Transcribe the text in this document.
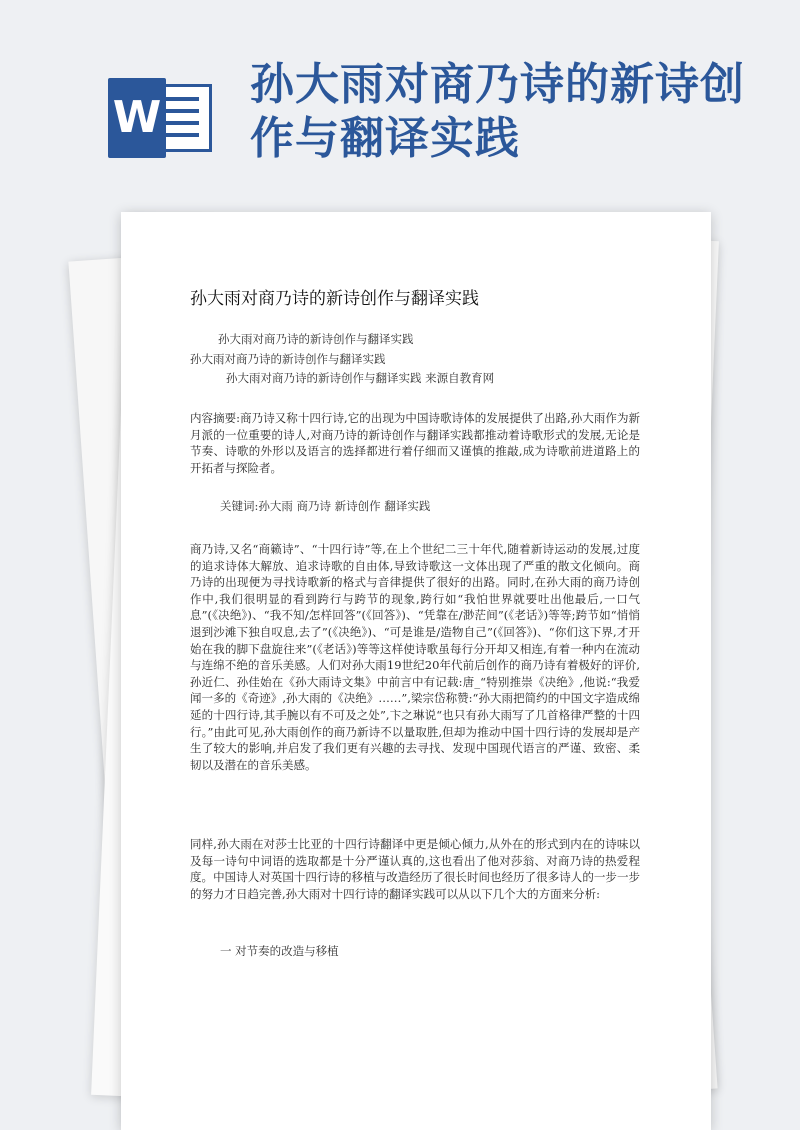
W
孙大雨对商乃诗的新诗创作与翻译实践
孙大雨对商乃诗的新诗创作与翻译实践
孙大雨对商乃诗的新诗创作与翻译实践
孙大雨对商乃诗的新诗创作与翻译实践
孙大雨对商乃诗的新诗创作与翻译实践 来源自教育网
内容摘要:商乃诗又称十四行诗,它的出现为中国诗歌诗体的发展提供了出路,孙大雨作为新月派的一位重要的诗人,对商乃诗的新诗创作与翻译实践都推动着诗歌形式的发展,无论是节奏、诗歌的外形以及语言的选择都进行着仔细而又谨慎的推敲,成为诗歌前进道路上的开拓者与探险者。
关键词:孙大雨 商乃诗 新诗创作 翻译实践
商乃诗,又名“商籁诗”、“十四行诗”等,在上个世纪二三十年代,随着新诗运动的发展,过度的追求诗体大解放、追求诗歌的自由体,导致诗歌这一文体出现了严重的散文化倾向。商乃诗的出现便为寻找诗歌新的格式与音律提供了很好的出路。同时,在孙大雨的商乃诗创作中,我们很明显的看到跨行与跨节的现象,跨行如“我怕世界就要吐出他最后,一口气息”(《决绝》)、“我不知/怎样回答”(《回答》)、“凭靠在/渺茫间”(《老话》)等等;跨节如“悄悄退到沙滩下独自叹息,去了”(《决绝》)、“可是谁是/造物自己”(《回答》)、“你们这下界,才开始在我的脚下盘旋往来”(《老话》)等等这样使诗歌虽每行分开却又相连,有着一种内在流动与连绵不绝的音乐美感。人们对孙大雨19世纪20年代前后创作的商乃诗有着极好的评价,孙近仁、孙佳始在《孙大雨诗文集》中前言中有记载:唐_“特别推崇《决绝》,他说:“我爱闻一多的《奇迹》,孙大雨的《决绝》……”,梁宗岱称赞:“孙大雨把简约的中国文字造成绵延的十四行诗,其手腕以有不可及之处”,卞之琳说“也只有孙大雨写了几首格律严整的十四行。”由此可见,孙大雨创作的商乃新诗不以量取胜,但却为推动中国十四行诗的发展却是产生了较大的影响,并启发了我们更有兴趣的去寻找、发现中国现代语言的严谨、致密、柔韧以及潜在的音乐美感。
同样,孙大雨在对莎士比亚的十四行诗翻译中更是倾心倾力,从外在的形式到内在的诗味以及每一诗句中词语的选取都是十分严谨认真的,这也看出了他对莎翁、对商乃诗的热爱程度。中国诗人对英国十四行诗的移植与改造经历了很长时间也经历了很多诗人的一步一步的努力才日趋完善,孙大雨对十四行诗的翻译实践可以从以下几个大的方面来分析:
一 对节奏的改造与移植
